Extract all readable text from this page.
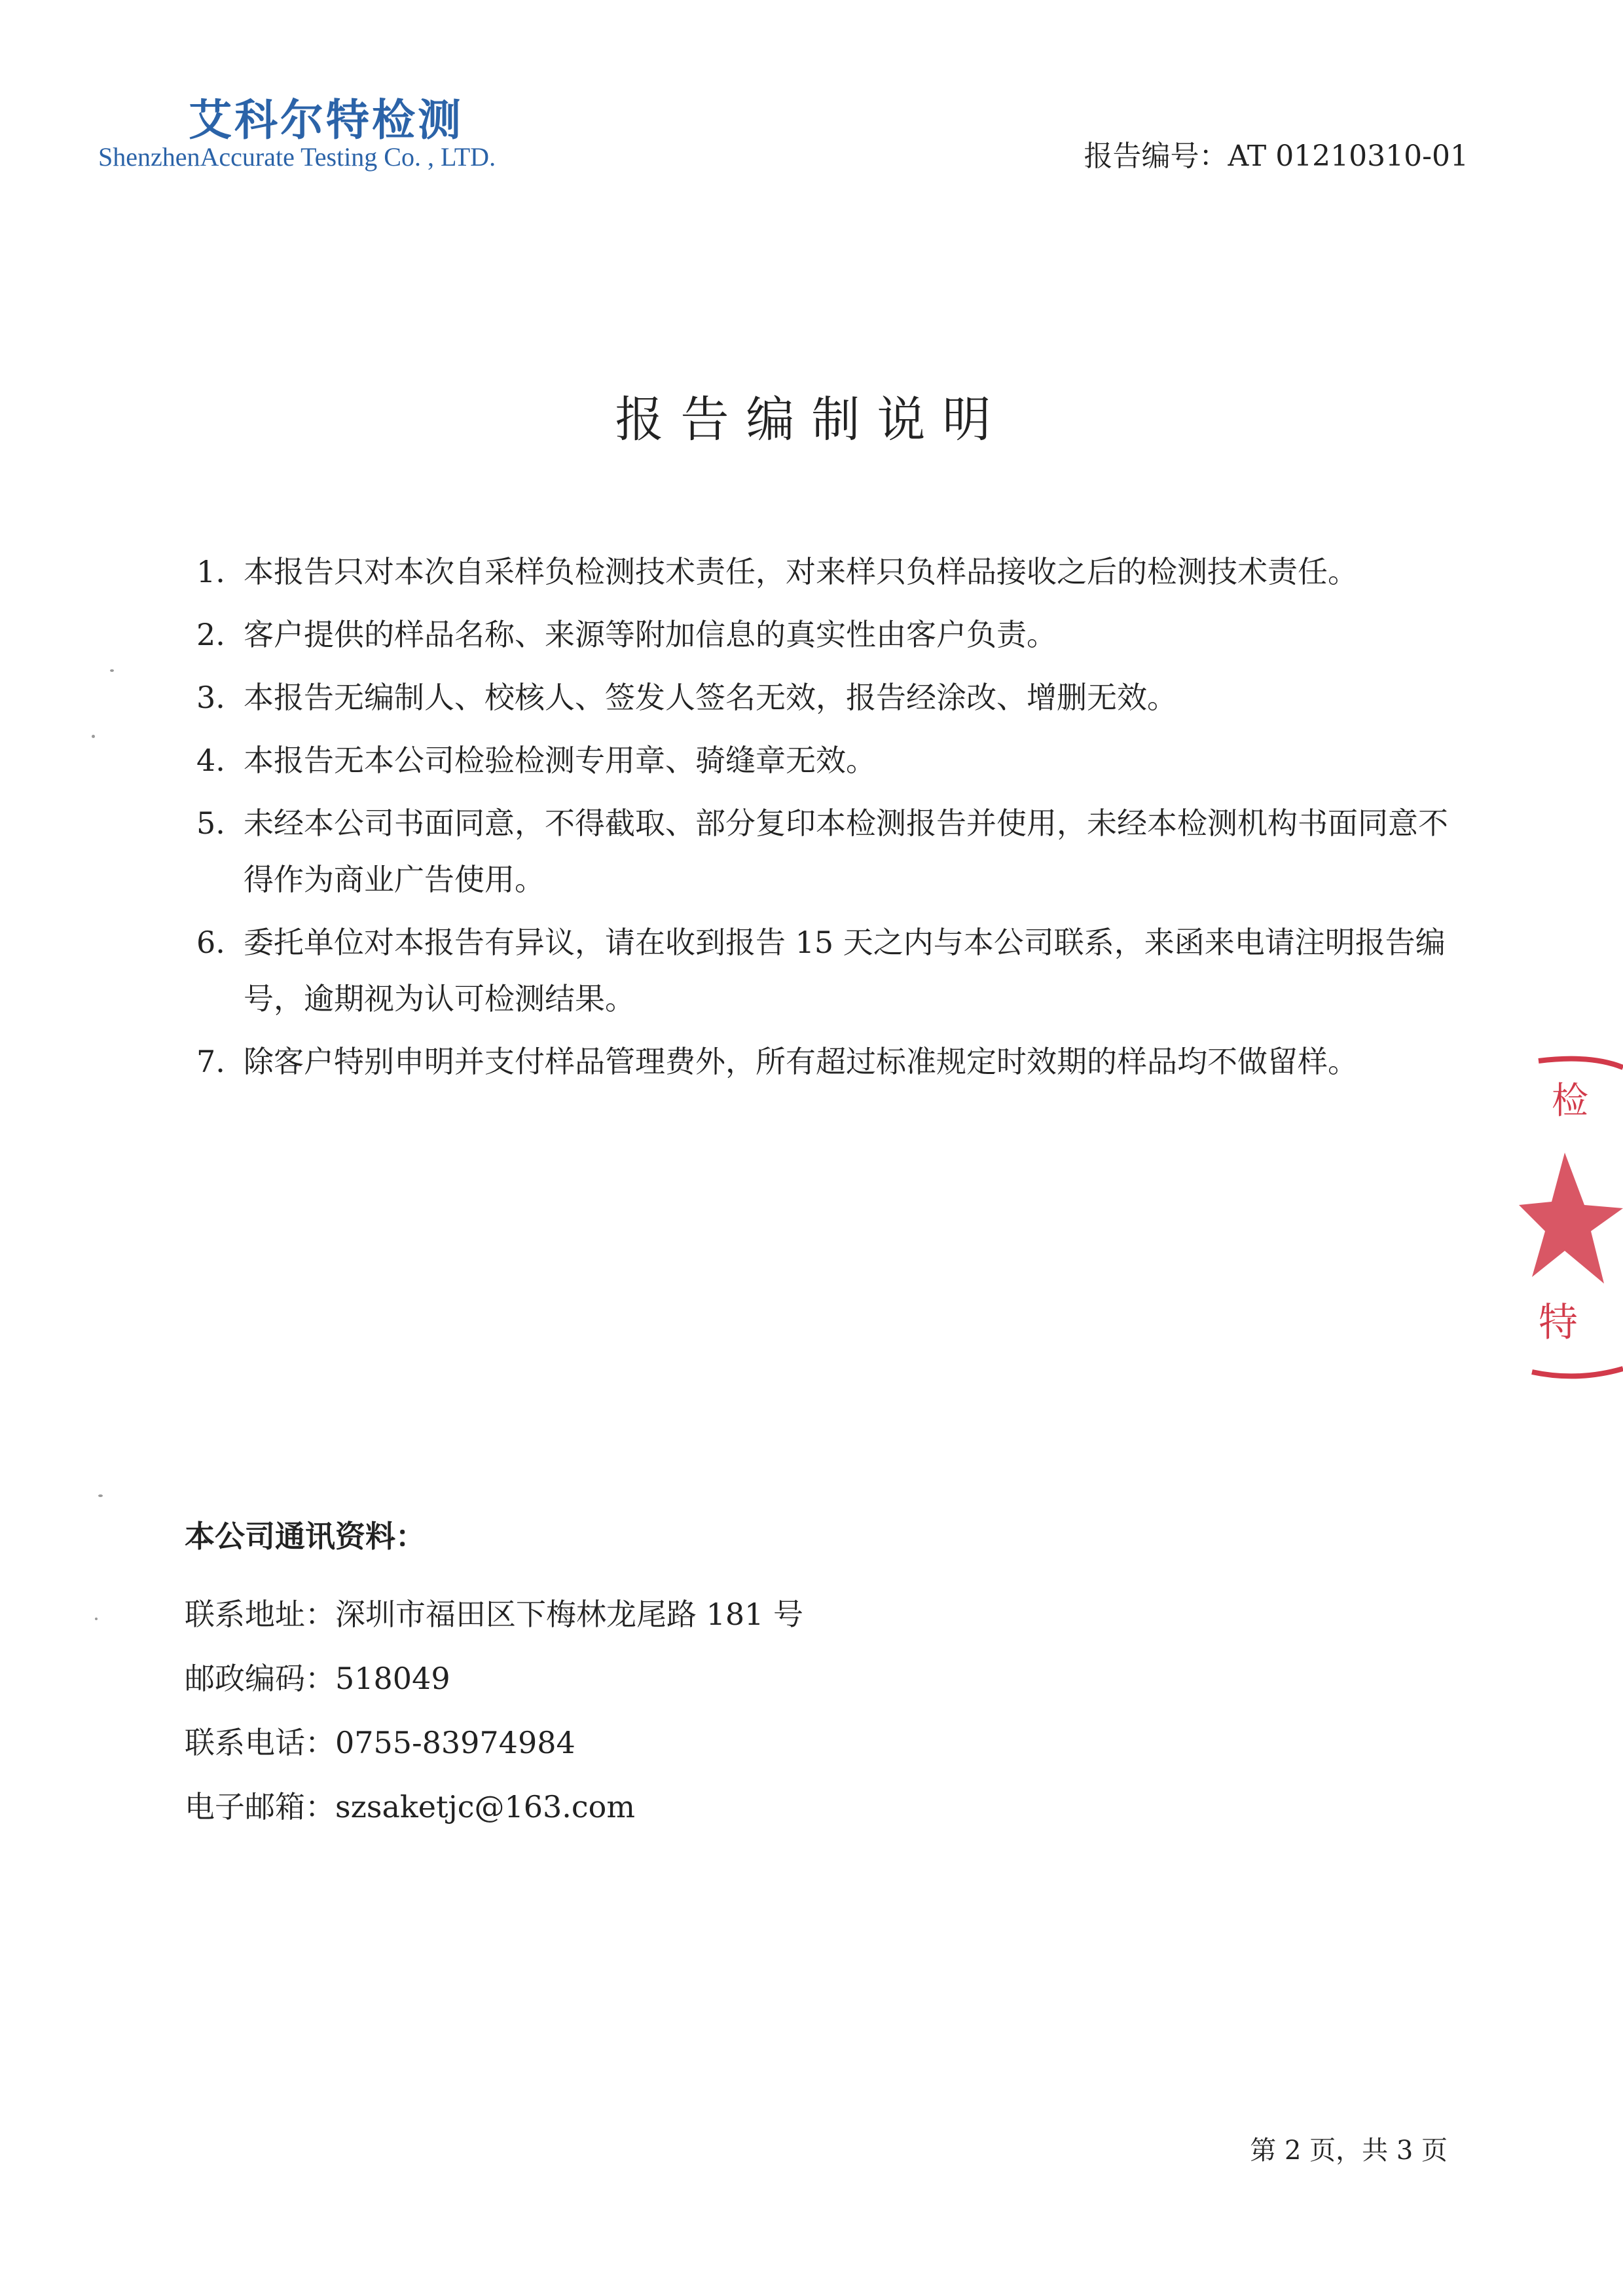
艾科尔特检测
ShenzhenAccurate Testing Co. , LTD.	报告编号：AT 01210310-01
报告编制说明
1. 本报告只对本次自采样负检测技术责任，对来样只负样品接收之后的检测技术责任。
2. 客户提供的样品名称、来源等附加信息的真实性由客户负责。
3. 本报告无编制人、校核人、签发人签名无效，报告经涂改、增删无效。
4. 本报告无本公司检验检测专用章、骑缝章无效。
5. 未经本公司书面同意，不得截取、部分复印本检测报告并使用，未经本检测机构书面同意不得作为商业广告使用。
6. 委托单位对本报告有异议，请在收到报告 15 天之内与本公司联系，来函来电请注明报告编号，逾期视为认可检测结果。
7. 除客户特别申明并支付样品管理费外，所有超过标准规定时效期的样品均不做留样。
本公司通讯资料：
联系地址：深圳市福田区下梅林龙尾路 181 号
邮政编码：518049
联系电话：0755-83974984
电子邮箱：szsaketjc@163.com
第 2 页，共 3 页
检
特
